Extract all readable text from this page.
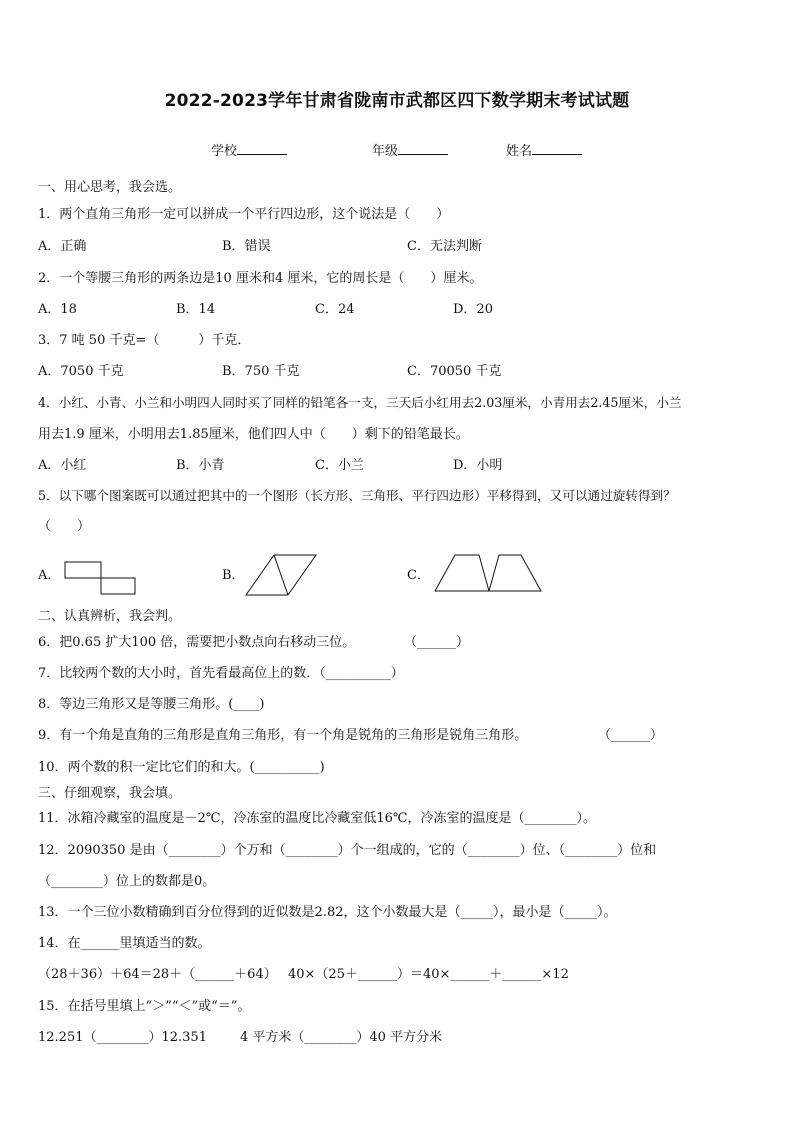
2022-2023学年甘肃省陇南市武都区四下数学期末考试试题
学校	年级	姓名
一、用心思考，我会选。
1．两个直角三角形一定可以拼成一个平行四边形，这个说法是（　　）
A．正确	B．错误	C．无法判断
2．一个等腰三角形的两条边是10 厘米和4 厘米，它的周长是（　　）厘米。
A．18	B．14	C．24	D．20
3．7 吨 50 千克=（　　　）千克．
A．7050 千克	B．750 千克	C．70050 千克
4．小红、小青、小兰和小明四人同时买了同样的铅笔各一支，三天后小红用去2.03厘米，小青用去2.45厘米，小兰
用去1.9 厘米，小明用去1.85厘米，他们四人中（　　）剩下的铅笔最长。
A．小红	B．小青	C．小兰	D．小明
5．以下哪个图案既可以通过把其中的一个图形（长方形、三角形、平行四边形）平移得到，又可以通过旋转得到？
（　　）
A．	B．	C．
二、认真辨析，我会判。
6．把0.65 扩大100 倍，需要把小数点向右移动三位。	（______）
7．比较两个数的大小时，首先看最高位上的数．（__________）
8．等边三角形又是等腰三角形。(____)
9．有一个角是直角的三角形是直角三角形，有一个角是锐角的三角形是锐角三角形。	（______）
10．两个数的积一定比它们的和大。(__________)
三、仔细观察，我会填。
11．冰箱冷藏室的温度是－2℃，冷冻室的温度比冷藏室低16℃，冷冻室的温度是（________）。
12．2090350 是由（________）个万和（________）个一组成的，它的（________）位、（________）位和
（________）位上的数都是0。
13．一个三位小数精确到百分位得到的近似数是2.82，这个小数最大是（_____），最小是（_____）。
14．在______里填适当的数。
（28＋36）＋64＝28＋（______＋64） 40×（25＋______）＝40×______＋______×12
15．在括号里填上“＞”“＜”或“＝”。
12.251（________）12.351	4 平方米（________）40 平方分米
